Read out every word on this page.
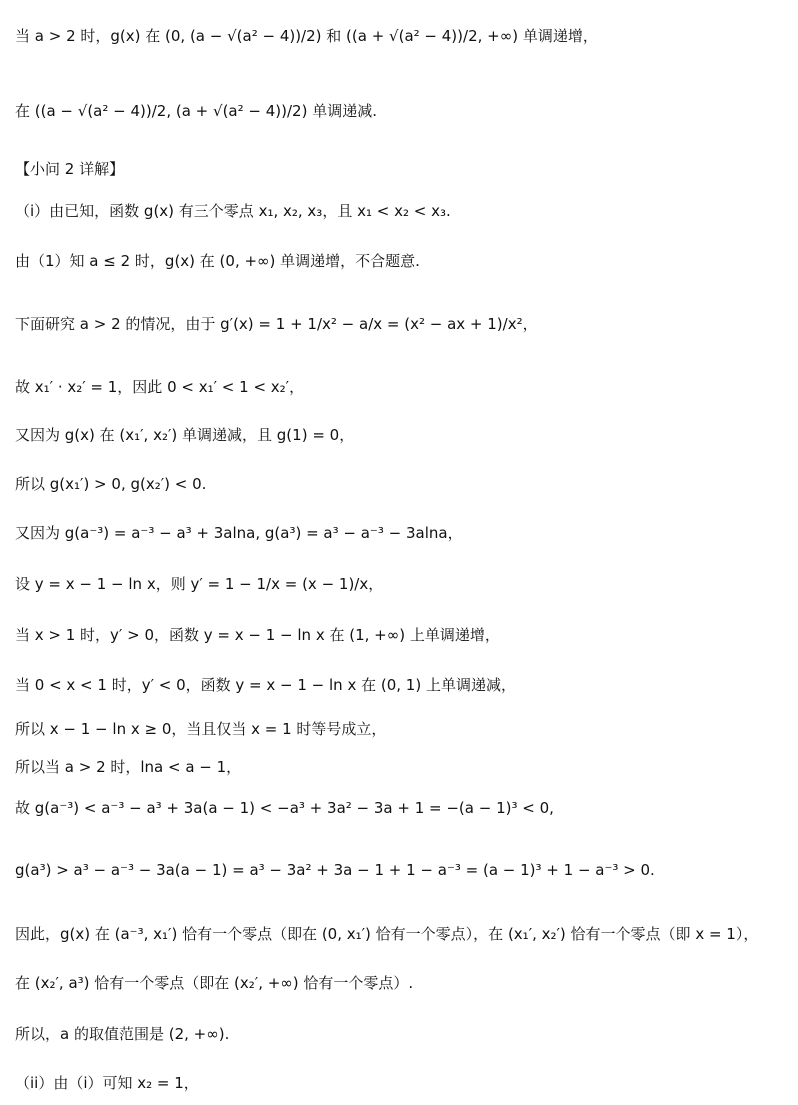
当 a > 2 时，g(x) 在 (0, (a − √(a² − 4))/2) 和 ((a + √(a² − 4))/2, +∞) 单调递增，
在 ((a − √(a² − 4))/2, (a + √(a² − 4))/2) 单调递减.
【小问 2 详解】
（i）由已知，函数 g(x) 有三个零点 x₁, x₂, x₃，且 x₁ < x₂ < x₃.
由（1）知 a ≤ 2 时，g(x) 在 (0, +∞) 单调递增，不合题意.
下面研究 a > 2 的情况，由于 g′(x) = 1 + 1/x² − a/x = (x² − ax + 1)/x²，
故 x₁′ · x₂′ = 1，因此 0 < x₁′ < 1 < x₂′，
又因为 g(x) 在 (x₁′, x₂′) 单调递减，且 g(1) = 0，
所以 g(x₁′) > 0, g(x₂′) < 0.
又因为 g(a⁻³) = a⁻³ − a³ + 3alna, g(a³) = a³ − a⁻³ − 3alna，
设 y = x − 1 − ln x，则 y′ = 1 − 1/x = (x − 1)/x，
当 x > 1 时，y′ > 0，函数 y = x − 1 − ln x 在 (1, +∞) 上单调递增，
当 0 < x < 1 时，y′ < 0，函数 y = x − 1 − ln x 在 (0, 1) 上单调递减，
所以 x − 1 − ln x ≥ 0，当且仅当 x = 1 时等号成立，
所以当 a > 2 时，lna < a − 1，
故 g(a⁻³) < a⁻³ − a³ + 3a(a − 1) < −a³ + 3a² − 3a + 1 = −(a − 1)³ < 0,
g(a³) > a³ − a⁻³ − 3a(a − 1) = a³ − 3a² + 3a − 1 + 1 − a⁻³ = (a − 1)³ + 1 − a⁻³ > 0.
因此，g(x) 在 (a⁻³, x₁′) 恰有一个零点（即在 (0, x₁′) 恰有一个零点），在 (x₁′, x₂′) 恰有一个零点（即 x = 1），
在 (x₂′, a³) 恰有一个零点（即在 (x₂′, +∞) 恰有一个零点）.
所以，a 的取值范围是 (2, +∞).
（ii）由（i）可知 x₂ = 1，
